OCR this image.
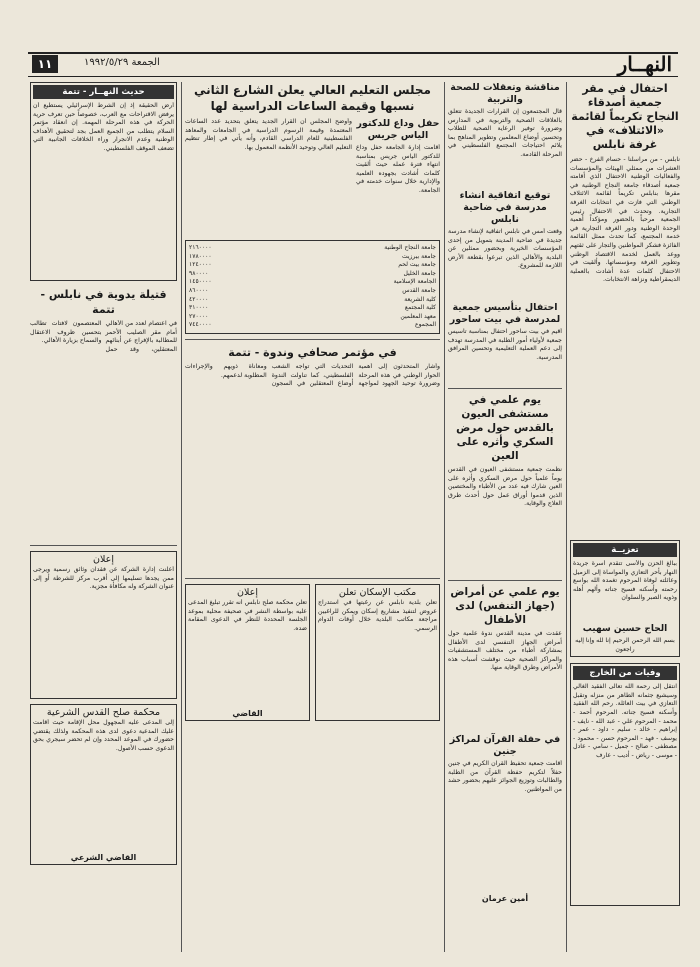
النهــار
الجمعة ١٩٩٢/٥/٢٩
١١
احتفال في مقر جمعية أصدقاء النجاح تكريماً لقائمة «الائتلاف» في غرفة نابلس
نابلس - من مراسلنا - حسام الفرخ - حضر العشرات من ممثلي الهيئات والمؤسسات والفعاليات الوطنية الاحتفال الذي أقامته جمعية أصدقاء جامعة النجاح الوطنية في مقرها بنابلس تكريماً لقائمة الائتلاف الوطني التي فازت في انتخابات الغرفة التجارية. وتحدث في الاحتفال رئيس الجمعية مرحباً بالحضور ومؤكداً أهمية الوحدة الوطنية ودور الغرفة التجارية في خدمة المجتمع، كما تحدث ممثل القائمة الفائزة فشكر المواطنين والتجار على ثقتهم ووعد بالعمل لخدمة الاقتصاد الوطني وتطوير الغرفة ومؤسساتها. وألقيت في الاحتفال كلمات عدة أشادت بالعملية الديمقراطية ونزاهة الانتخابات.
تعزيــة
ببالغ الحزن والأسى تتقدم أسرة جريدة النهار بأحر التعازي والمواساة إلى الزميل وعائلته لوفاة المرحوم تغمده الله بواسع رحمته وأسكنه فسيح جناته وألهم أهله وذويه الصبر والسلوان
الحاج حسين سهيب
بسم الله الرحمن الرحيم إنا لله وإنا إليه راجعون
وفيات من الخارج
انتقل إلى رحمة الله تعالى الفقيد الغالي وسيشيع جثمانه الطاهر من منزله وتقبل التعازي في بيت العائلة. رحم الله الفقيد وأسكنه فسيح جناته. المرحوم أحمد - محمد - المرحوم علي - عبد الله - نايف - إبراهيم - خالد - سليم - داود - عمر - يوسف - فهد - المرحوم حسن - محمود - مصطفى - صالح - جميل - سامي - عادل - موسى - رياض - أديب - عارف
مناقشة وتعقلات للصحة والتربية
قال المجتمعون إن القرارات الجديدة تتعلق بالعلاقات الصحية والتربوية في المدارس وضرورة توفير الرعاية الصحية للطلاب وتحسين أوضاع المعلمين وتطوير المناهج بما يلائم احتياجات المجتمع الفلسطيني في المرحلة القادمة.
توقيع اتفاقية انشاء مدرسة في ضاحية نابلس
وقعت أمس في نابلس اتفاقية لإنشاء مدرسة جديدة في ضاحية المدينة بتمويل من إحدى المؤسسات الخيرية وبحضور ممثلين عن البلدية والأهالي الذين تبرعوا بقطعة الأرض اللازمة للمشروع.
احتفال بتأسيس جمعية لمدرسة في بيت ساحور
أقيم في بيت ساحور احتفال بمناسبة تأسيس جمعية لأولياء أمور الطلبة في المدرسة تهدف إلى دعم العملية التعليمية وتحسين المرافق المدرسية.
يوم علمي في مستشفى العيون بالقدس حول مرض السكري وأثره على العين
نظمت جمعية مستشفى العيون في القدس يوماً علمياً حول مرض السكري وأثره على العين شارك فيه عدد من الأطباء والمختصين الذين قدموا أوراق عمل حول أحدث طرق العلاج والوقاية.
يوم علمي عن أمراض (جهاز التنفس) لدى الأطفال
عقدت في مدينة القدس ندوة علمية حول أمراض الجهاز التنفسي لدى الأطفال بمشاركة أطباء من مختلف المستشفيات والمراكز الصحية حيث نوقشت أسباب هذه الأمراض وطرق الوقاية منها.
في حفلة القرآن لمراكز جنين
أقامت جمعية تحفيظ القرآن الكريم في جنين حفلاً لتكريم حفظة القرآن من الطلبة والطالبات وتوزيع الجوائز عليهم بحضور حشد من المواطنين.
أمين عرمان
مجلس التعليم العالي يعلن الشارع الثاني نسبها وقيمة الساعات الدراسية لها
حفل وداع للدكتور الياس جريس
أقامت إدارة الجامعة حفل وداع للدكتور الياس جريس بمناسبة انتهاء فترة عمله حيث ألقيت كلمات أشادت بجهوده العلمية والإدارية خلال سنوات خدمته في الجامعة.
وأوضح المجلس أن القرار الجديد يتعلق بتحديد عدد الساعات المعتمدة وقيمة الرسوم الدراسية في الجامعات والمعاهد الفلسطينية للعام الدراسي القادم، وأنه يأتي في إطار تنظيم التعليم العالي وتوحيد الأنظمة المعمول بها.
جامعة النجاح الوطنية
٢١٦٠٠٠٠
جامعة بيرزيت
١٧٨٠٠٠٠
جامعة بيت لحم
١٢٤٠٠٠٠
جامعة الخليل
٩٨٠٠٠٠
الجامعة الإسلامية
١٤٥٠٠٠٠
جامعة القدس
٨٦٠٠٠٠
كلية الشريعة
٤٢٠٠٠٠
كلية المجتمع
٣١٠٠٠٠
معهد المعلمين
٢٧٠٠٠٠
المجموع
٧٤٤٠٠٠٠
في مؤتمر صحافي وندوة - تتمة
وأشار المتحدثون إلى أهمية الحوار الوطني في هذه المرحلة وضرورة توحيد الجهود لمواجهة التحديات التي تواجه الشعب الفلسطيني، كما تناولت الندوة أوضاع المعتقلين في السجون ومعاناة ذويهم والإجراءات المطلوبة لدعمهم.
مكتب الإسكان تعلن
تعلن بلدية نابلس عن رغبتها في استدراج عروض لتنفيذ مشاريع إسكان ويمكن للراغبين مراجعة مكاتب البلدية خلال أوقات الدوام الرسمي.
إعلان
تعلن محكمة صلح نابلس أنه تقرر تبليغ المدعى عليه بواسطة النشر في صحيفة محلية بموعد الجلسة المحددة للنظر في الدعوى المقامة ضده.
القاضي
حديث النهــار - تتمة
أرض الحقيقة إذ إن الشرط الإسرائيلي يستطيع أن يرفض الاقتراحات مع العرب، خصوصاً حين تعرف حرية الحركة في هذه المرحلة المهمة. إن انعقاد مؤتمر السلام يتطلب من الجميع العمل بجد لتحقيق الأهداف الوطنية وعدم الانجرار وراء الخلافات الجانبية التي تضعف الموقف الفلسطيني.
قتيلة يدوية في نابلس - تتمة
في اعتصام لعدد من الأهالي أمام مقر الصليب الأحمر للمطالبة بالإفراج عن أبنائهم المعتقلين، وقد حمل المعتصمون لافتات تطالب بتحسين ظروف الاعتقال والسماح بزيارة الأهالي.
إعلان
أعلنت إدارة الشركة عن فقدان وثائق رسمية ويرجى ممن يجدها تسليمها إلى أقرب مركز للشرطة أو إلى عنوان الشركة وله مكافأة مجزية.
محكمة صلح القدس الشرعية
إلى المدعى عليه المجهول محل الإقامة حيث أقامت عليك المدعية دعوى لدى هذه المحكمة ولذلك يقتضي حضورك في الموعد المحدد وإن لم تحضر سيجري بحق الدعوى حسب الأصول.
القاضي الشرعي
